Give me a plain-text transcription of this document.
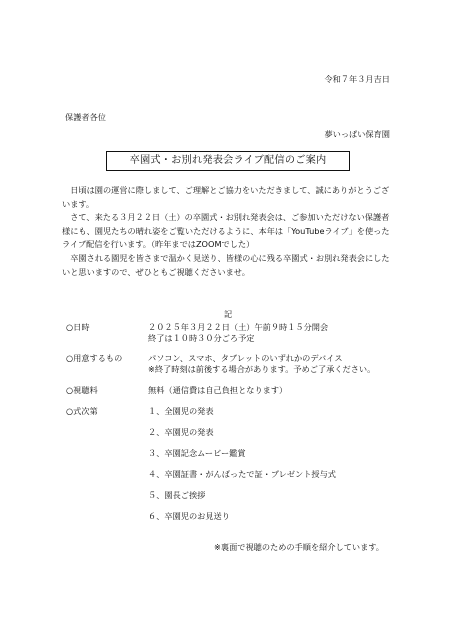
令和７年３月吉日
保護者各位
夢いっぱい保育園
卒園式・お別れ発表会ライブ配信のご案内

日頃は園の運営に際しまして、ご理解とご協力をいただきまして、誠にありがとうござ

います。

さて、来たる３月２２日（土）の卒園式・お別れ発表会は、ご参加いただけない保護者

様にも、園児たちの晴れ姿をご覧いただけるように、本年は「YouTubeライブ」を使った

ライブ配信を行います。（昨年まではZOOMでした）

卒園される園児を皆さまで温かく見送り、皆様の心に残る卒園式・お別れ発表会にした

いと思いますので、ぜひともご視聴くださいませ。

記
○日時	２０２５年３月２２日（土）午前９時１５分開会
終了は１０時３０分ごろ予定
○用意するもの	パソコン、スマホ、タブレットのいずれかのデバイス
※終了時刻は前後する場合があります。予めご了承ください。
○視聴料	無料（通信費は自己負担となります）
○式次第	１、全園児の発表
２、卒園児の発表
３、卒園記念ムービー鑑賞
４、卒園証書・がんばったで証・プレゼント授与式
５、園長ご挨拶
６、卒園児のお見送り
※裏面で視聴のための手順を紹介しています。
